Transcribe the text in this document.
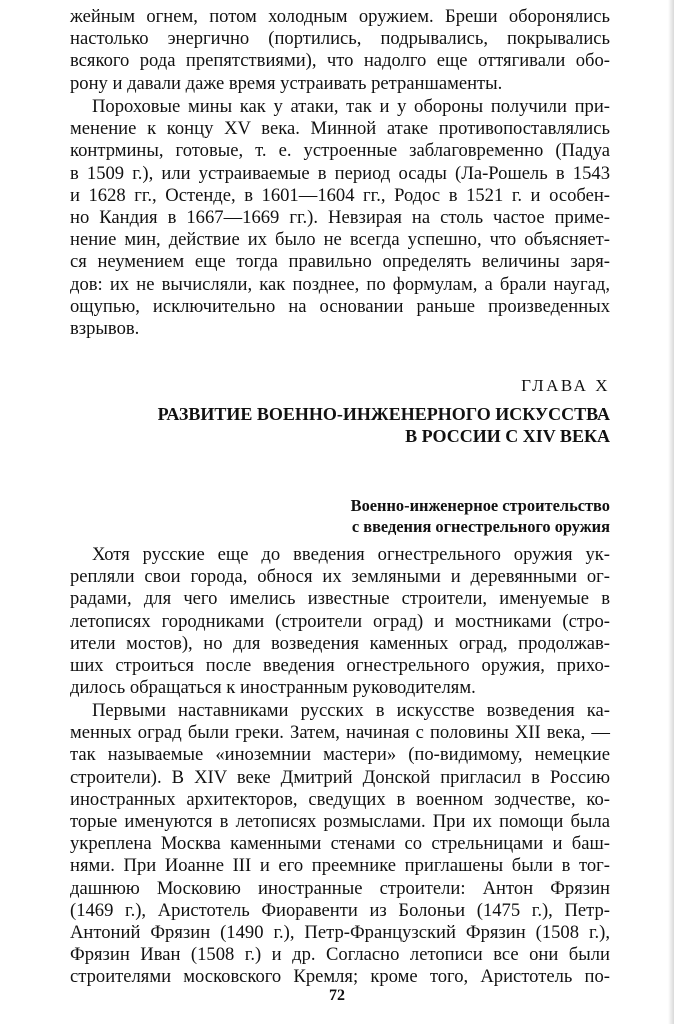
жейным огнем, потом холодным оружием. Бреши оборонялись
настолько энергично (портились, подрывались, покрывались
всякого рода препятствиями), что надолго еще оттягивали обо-
рону и давали даже время устраивать ретраншаменты.

Пороховые мины как у атаки, так и у обороны получили при-
менение к концу XV века. Минной атаке противопоставлялись
контрмины, готовые, т. е. устроенные заблаговременно (Падуа
в 1509 г.), или устраиваемые в период осады (Ла-Рошель в 1543
и 1628 гг., Остенде, в 1601—1604 гг., Родос в 1521 г. и особен-
но Кандия в 1667—1669 гг.). Невзирая на столь частое приме-
нение мин, действие их было не всегда успешно, что объясняет-
ся неумением еще тогда правильно определять величины заря-
дов: их не вычисляли, как позднее, по формулам, а брали наугад,
ощупью, исключительно на основании раньше произведенных
взрывов.

ГЛАВА X

РАЗВИТИЕ ВОЕННО-ИНЖЕНЕРНОГО ИСКУССТВА
В РОССИИ С XIV ВЕКА
Военно-инженерное строительство
с введения огнестрельного оружия

Хотя русские еще до введения огнестрельного оружия ук-
репляли свои города, обнося их земляными и деревянными ог-
радами, для чего имелись известные строители, именуемые в
летописях городниками (строители оград) и мостниками (стро-
ители мостов), но для возведения каменных оград, продолжав-
ших строиться после введения огнестрельного оружия, прихо-
дилось обращаться к иностранным руководителям.

Первыми наставниками русских в искусстве возведения ка-
менных оград были греки. Затем, начиная с половины XII века, —
так называемые «иноземнии мастери» (по-видимому, немецкие
строители). В XIV веке Дмитрий Донской пригласил в Россию
иностранных архитекторов, сведущих в военном зодчестве, ко-
торые именуются в летописях розмыслами. При их помощи была
укреплена Москва каменными стенами со стрельницами и баш-
нями. При Иоанне III и его преемнике приглашены были в тог-
дашнюю Московию иностранные строители: Антон Фрязин
(1469 г.), Аристотель Фиоравенти из Болоньи (1475 г.), Петр-
Антоний Фрязин (1490 г.), Петр-Французский Фрязин (1508 г.),
Фрязин Иван (1508 г.) и др. Согласно летописи все они были
строителями московского Кремля; кроме того, Аристотель по-

72
